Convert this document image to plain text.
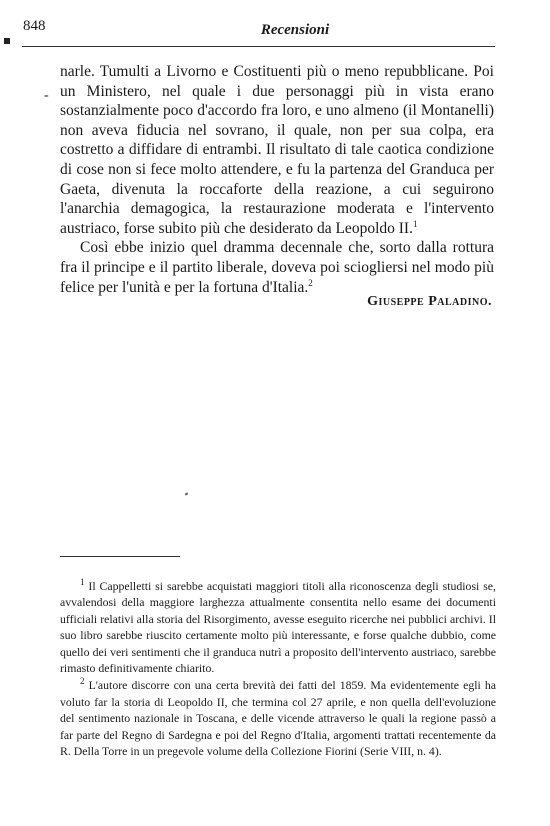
848	Recensioni
-

narle. Tumulti a Livorno e Costituenti più o meno repubblicane. Poi un Ministero, nel quale i due personaggi più in vista erano sostanzialmente poco d'accordo fra loro, e uno almeno (il Montanelli) non aveva fiducia nel sovrano, il quale, non per sua colpa, era costretto a diffidare di entrambi. Il risultato di tale caotica condizione di cose non si fece molto attendere, e fu la partenza del Granduca per Gaeta, divenuta la roccaforte della reazione, a cui seguirono l'anarchia demagogica, la restaurazione moderata e l'intervento austriaco, forse subito più che desiderato da Leopoldo II.$^1$

Così ebbe inizio quel dramma decennale che, sorto dalla rottura fra il principe e il partito liberale, doveva poi sciogliersi nel modo più felice per l'unità e per la fortuna d'Italia.$^2$

Giuseppe Paladino.

$^1$ Il Cappelletti si sarebbe acquistati maggiori titoli alla riconoscenza degli studiosi se, avvalendosi della maggiore larghezza attualmente consentita nello esame dei documenti ufficiali relativi alla storia del Risorgimento, avesse eseguito ricerche nei pubblici archivi. Il suo libro sarebbe riuscito certamente molto più interessante, e forse qualche dubbio, come quello dei veri sentimenti che il granduca nutrì a proposito dell'intervento austriaco, sarebbe rimasto definitivamente chiarito.

$^2$ L'autore discorre con una certa brevità dei fatti del 1859. Ma evidentemente egli ha voluto far la storia di Leopoldo II, che termina col 27 aprile, e non quella dell'evoluzione del sentimento nazionale in Toscana, e delle vicende attraverso le quali la regione passò a far parte del Regno di Sardegna e poi del Regno d'Italia, argomenti trattati recentemente da R. Della Torre in un pregevole volume della Collezione Fiorini (Serie VIII, n. 4).
